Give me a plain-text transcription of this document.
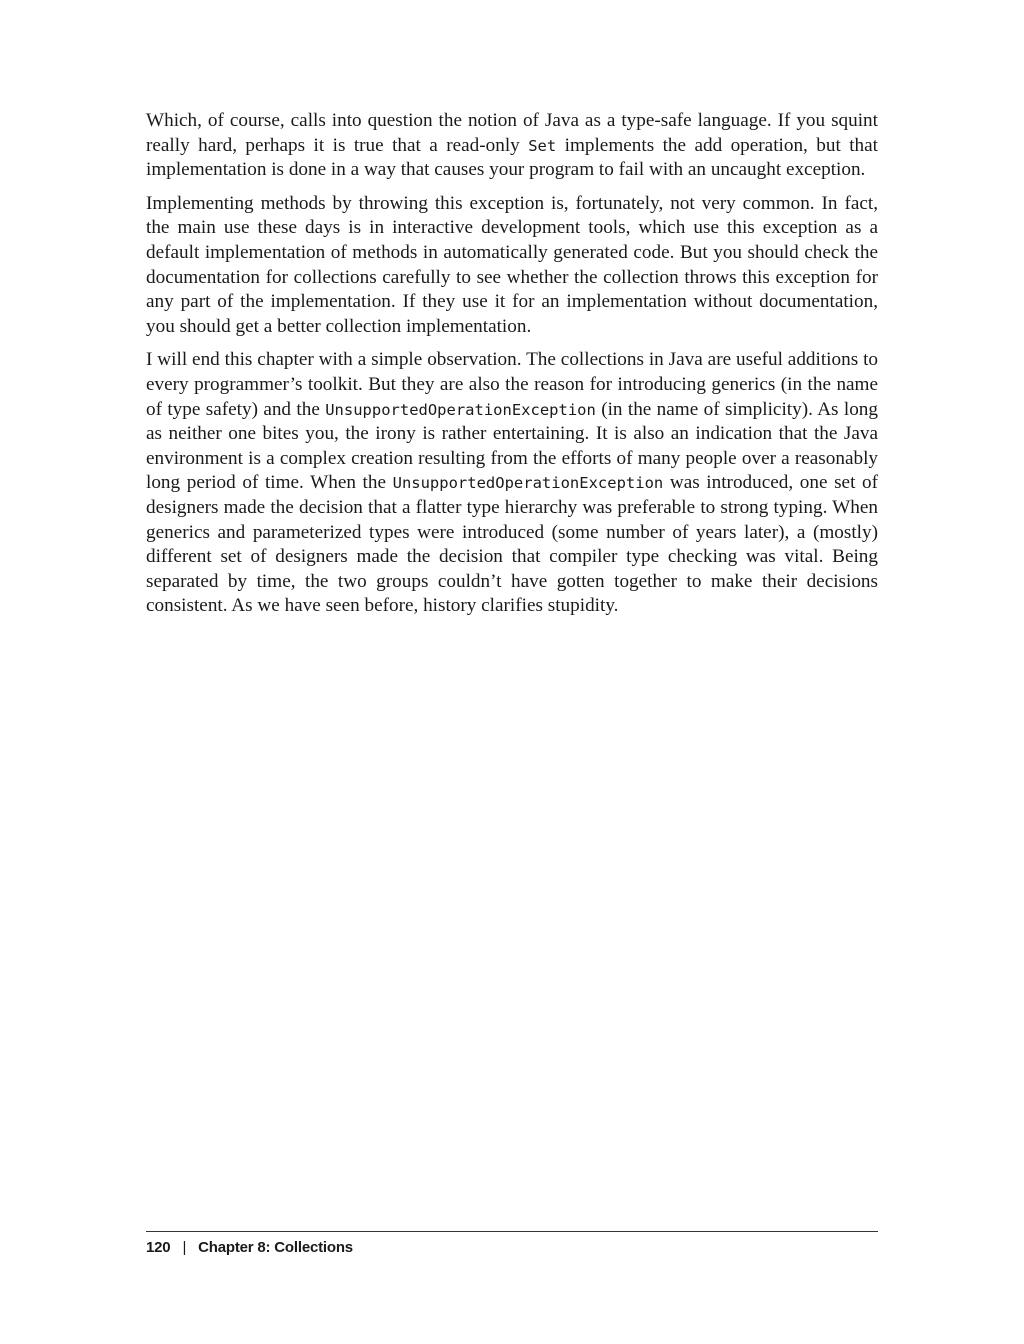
Which, of course, calls into question the notion of Java as a type-safe language. If you squint really hard, perhaps it is true that a read-only Set implements the add operation, but that implementation is done in a way that causes your program to fail with an uncaught exception.

Implementing methods by throwing this exception is, fortunately, not very common. In fact, the main use these days is in interactive development tools, which use this exception as a default implementation of methods in automatically generated code. But you should check the documentation for collections carefully to see whether the collection throws this exception for any part of the implementation. If they use it for an implementation without documentation, you should get a better collection implementation.

I will end this chapter with a simple observation. The collections in Java are useful additions to every programmer’s toolkit. But they are also the reason for introducing generics (in the name of type safety) and the UnsupportedOperationException (in the name of simplicity). As long as neither one bites you, the irony is rather entertaining. It is also an indication that the Java environment is a complex creation resulting from the efforts of many people over a reasonably long period of time. When the UnsupportedOperationException was introduced, one set of designers made the decision that a flatter type hierarchy was preferable to strong typing. When generics and parameterized types were introduced (some number of years later), a (mostly) different set of designers made the decision that compiler type checking was vital. Being separated by time, the two groups couldn’t have gotten together to make their decisions consistent. As we have seen before, history clarifies stupidity.

120 | Chapter 8: Collections
